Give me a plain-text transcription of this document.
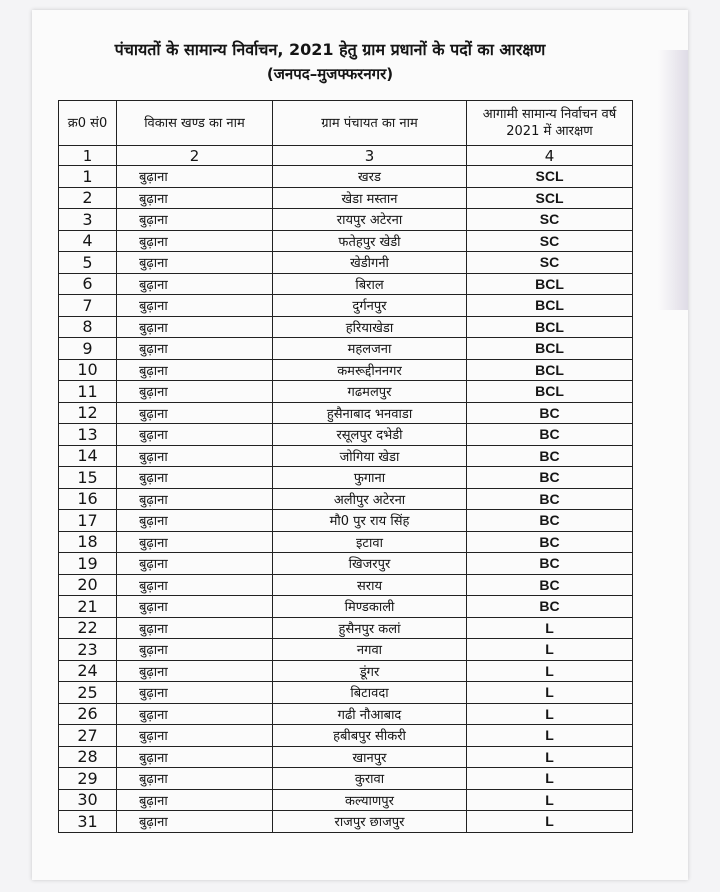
पंचायतों के सामान्य निर्वाचन, 2021 हेतु ग्राम प्रधानों के पदों का आरक्षण
(जनपद–मुजफ्फरनगर)
क्र0 सं0	विकास खण्ड का नाम	ग्राम पंचायत का नाम	आगामी सामान्य निर्वाचन वर्ष 2021 में आरक्षण
1	2	3	4
1	बुढ़ाना	खरड	SCL
2	बुढ़ाना	खेडा मस्तान	SCL
3	बुढ़ाना	रायपुर अटेरना	SC
4	बुढ़ाना	फतेहपुर खेडी	SC
5	बुढ़ाना	खेडीगनी	SC
6	बुढ़ाना	बिराल	BCL
7	बुढ़ाना	दुर्गनपुर	BCL
8	बुढ़ाना	हरियाखेडा	BCL
9	बुढ़ाना	महलजना	BCL
10	बुढ़ाना	कमरूद्दीननगर	BCL
11	बुढ़ाना	गढमलपुर	BCL
12	बुढ़ाना	हुसैनाबाद भनवाडा	BC
13	बुढ़ाना	रसूलपुर दभेडी	BC
14	बुढ़ाना	जोगिया खेडा	BC
15	बुढ़ाना	फुगाना	BC
16	बुढ़ाना	अलीपुर अटेरना	BC
17	बुढ़ाना	मौ0 पुर राय सिंह	BC
18	बुढ़ाना	इटावा	BC
19	बुढ़ाना	खिजरपुर	BC
20	बुढ़ाना	सराय	BC
21	बुढ़ाना	मिण्डकाली	BC
22	बुढ़ाना	हुसैनपुर कलां	L
23	बुढ़ाना	नगवा	L
24	बुढ़ाना	डूंगर	L
25	बुढ़ाना	बिटावदा	L
26	बुढ़ाना	गढी नौआबाद	L
27	बुढ़ाना	हबीबपुर सीकरी	L
28	बुढ़ाना	खानपुर	L
29	बुढ़ाना	कुरावा	L
30	बुढ़ाना	कल्याणपुर	L
31	बुढ़ाना	राजपुर छाजपुर	L
